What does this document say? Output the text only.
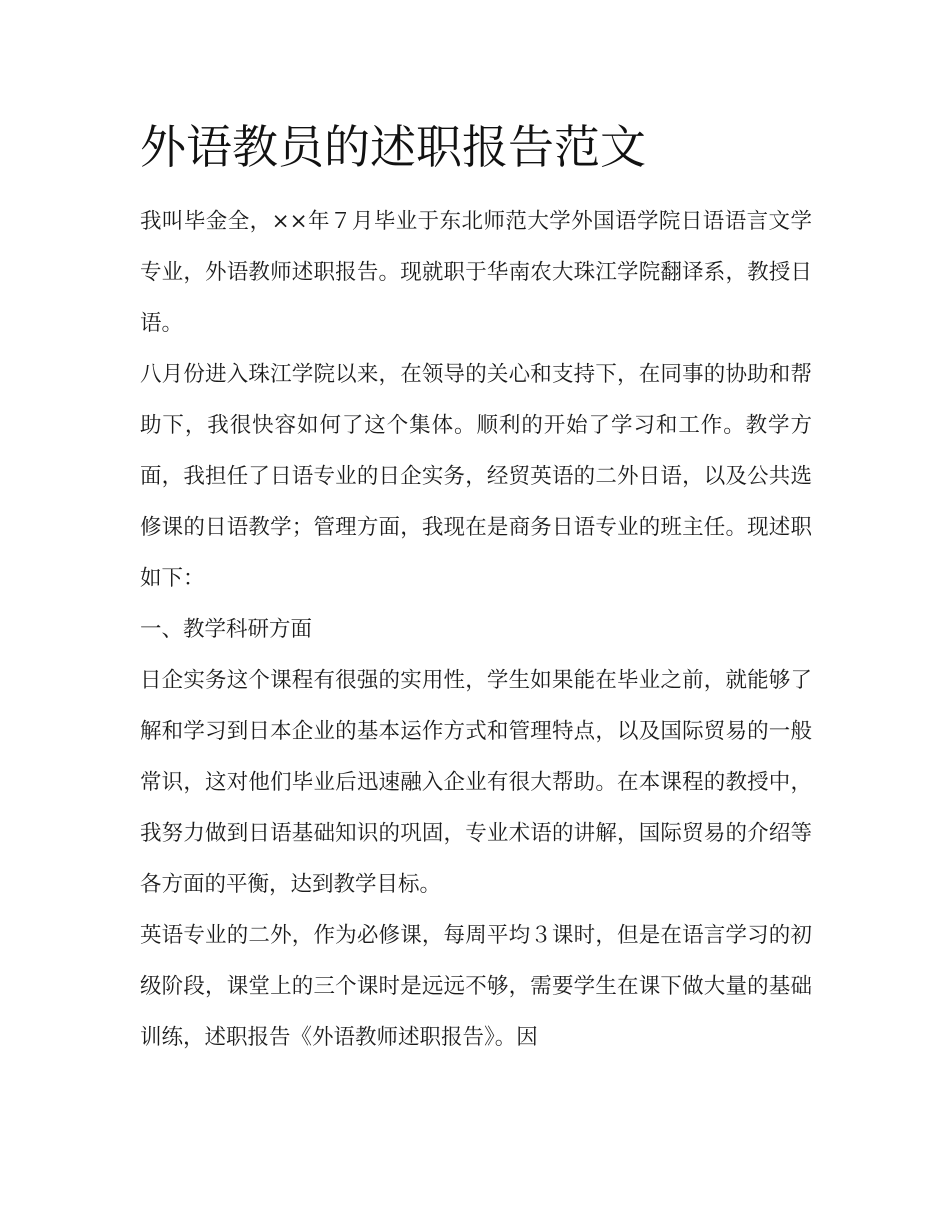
外语教员的述职报告范文

我叫毕金全，××年７月毕业于东北师范大学外国语学院日语语言文学专业，外语教师述职报告。现就职于华南农大珠江学院翻译系，教授日语。

八月份进入珠江学院以来，在领导的关心和支持下，在同事的协助和帮助下，我很快容如何了这个集体。顺利的开始了学习和工作。教学方面，我担任了日语专业的日企实务，经贸英语的二外日语，以及公共选修课的日语教学；管理方面，我现在是商务日语专业的班主任。现述职如下：

一、教学科研方面

日企实务这个课程有很强的实用性，学生如果能在毕业之前，就能够了解和学习到日本企业的基本运作方式和管理特点，以及国际贸易的一般常识，这对他们毕业后迅速融入企业有很大帮助。在本课程的教授中，我努力做到日语基础知识的巩固，专业术语的讲解，国际贸易的介绍等各方面的平衡，达到教学目标。

英语专业的二外，作为必修课，每周平均３课时，但是在语言学习的初级阶段，课堂上的三个课时是远远不够，需要学生在课下做大量的基础训练，述职报告《外语教师述职报告》。因
